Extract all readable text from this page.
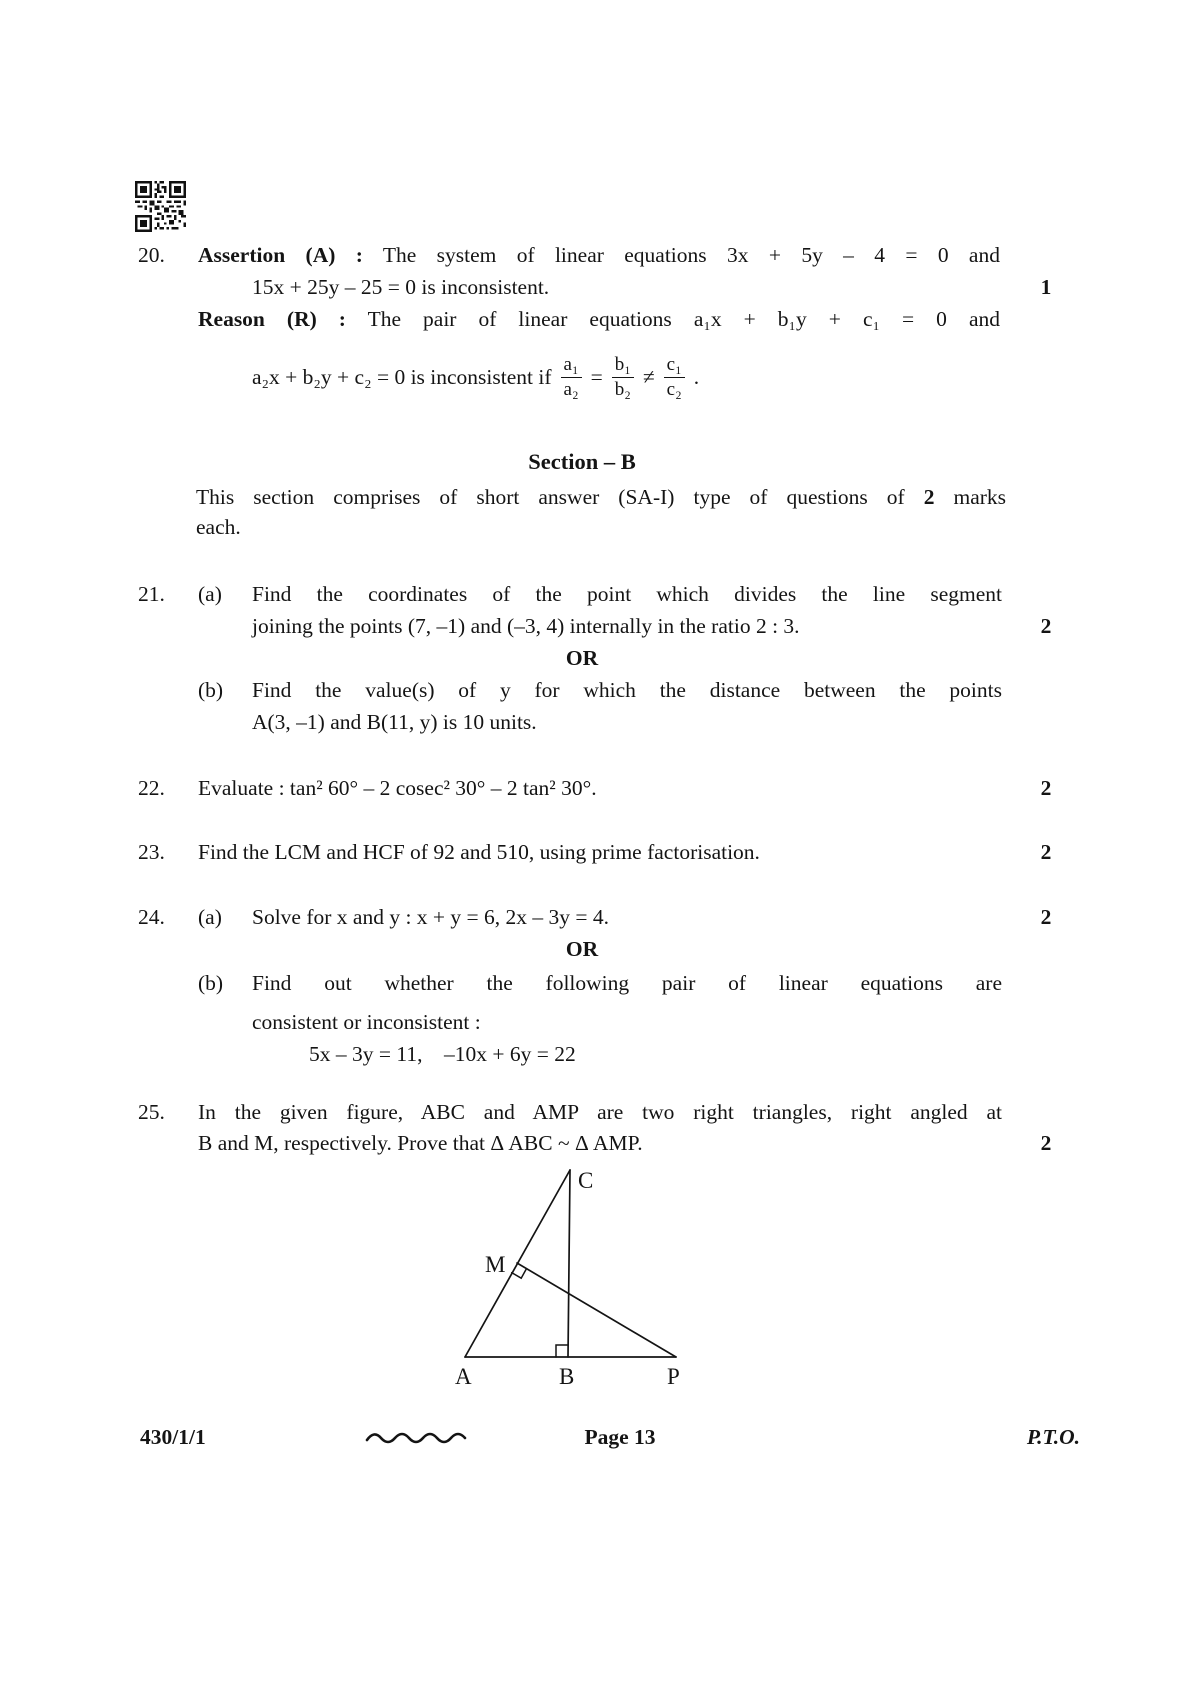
20.	Assertion (A) : The system of linear equations 3x + 5y – 4 = 0 and
15x + 25y – 25 = 0 is inconsistent.	1
Reason (R) : The pair of linear equations a₁x + b₁y + c₁ = 0 and
a₂x + b₂y + c₂ = 0 is inconsistent if $\frac{\text{a₁}}{\text{a₂}} = \frac{\text{b₁}}{\text{b₂}} \ne \frac{\text{c₁}}{\text{c₂}}$ .
Section – B
This section comprises of short answer (SA-I) type of questions of 2 marks
each.
21.	(a) Find the coordinates of the point which divides the line segment
joining the points (7, –1) and (–3, 4) internally in the ratio 2 : 3.	2
OR
(b) Find the value(s) of y for which the distance between the points
A(3, –1) and B(11, y) is 10 units.
22.	Evaluate : tan² 60° – 2 cosec² 30° – 2 tan² 30°.	2
23.	Find the LCM and HCF of 92 and 510, using prime factorisation.	2
24.	(a) Solve for x and y : x + y = 6, 2x – 3y = 4.	2
OR
(b) Find out whether the following pair of linear equations are
consistent or inconsistent :
5x – 3y = 11, –10x + 6y = 22
25.	In the given figure, ABC and AMP are two right triangles, right angled at
B and M, respectively. Prove that Δ ABC ~ Δ AMP.	2
C
M
A	B	P
430/1/1	Page 13	P.T.O.
